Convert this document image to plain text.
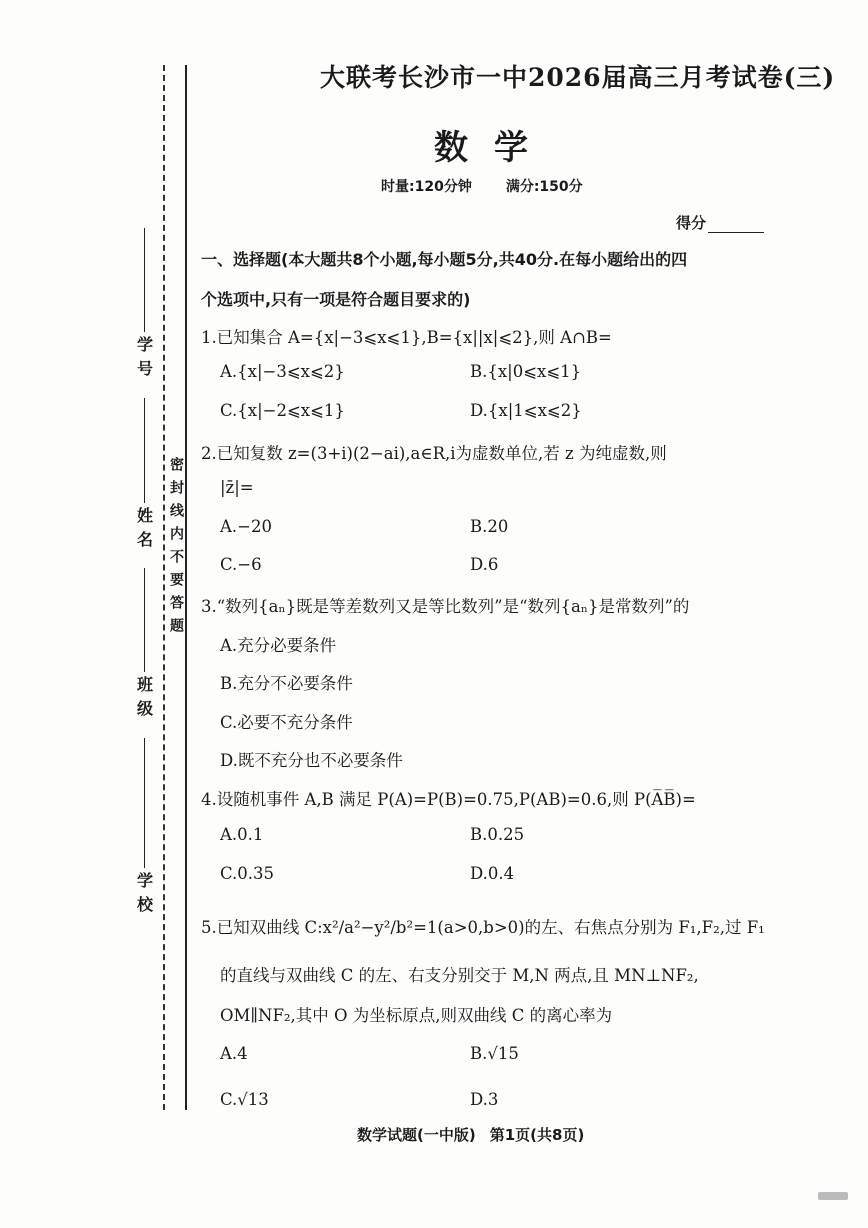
密封线内不要答题
学号
姓名
班级
学校
大联考长沙市一中2026届高三月考试卷(三)
数学
时量:120分钟 满分:150分
得分
一、选择题(本大题共8个小题,每小题5分,共40分.在每小题给出的四
个选项中,只有一项是符合题目要求的)
1.已知集合 A={x|−3⩽x⩽1},B={x||x|⩽2},则 A∩B=
A.{x|−3⩽x⩽2}	B.{x|0⩽x⩽1}
C.{x|−2⩽x⩽1}	D.{x|1⩽x⩽2}
2.已知复数 z=(3+i)(2−ai),a∈R,i为虚数单位,若 z 为纯虚数,则
|z̄|=
A.−20	B.20
C.−6	D.6
3.“数列{aₙ}既是等差数列又是等比数列”是“数列{aₙ}是常数列”的
A.充分必要条件
B.充分不必要条件
C.必要不充分条件
D.既不充分也不必要条件
4.设随机事件 A,B 满足 P(A)=P(B)=0.75,P(AB)=0.6,则 P(A̅B̅)=
A.0.1	B.0.25
C.0.35	D.0.4
5.已知双曲线 C:x²/a²−y²/b²=1(a>0,b>0)的左、右焦点分别为 F₁,F₂,过 F₁
的直线与双曲线 C 的左、右支分别交于 M,N 两点,且 MN⊥NF₂,
OM∥NF₂,其中 O 为坐标原点,则双曲线 C 的离心率为
A.4	B.√15
C.√13	D.3
数学试题(一中版) 第1页(共8页)
